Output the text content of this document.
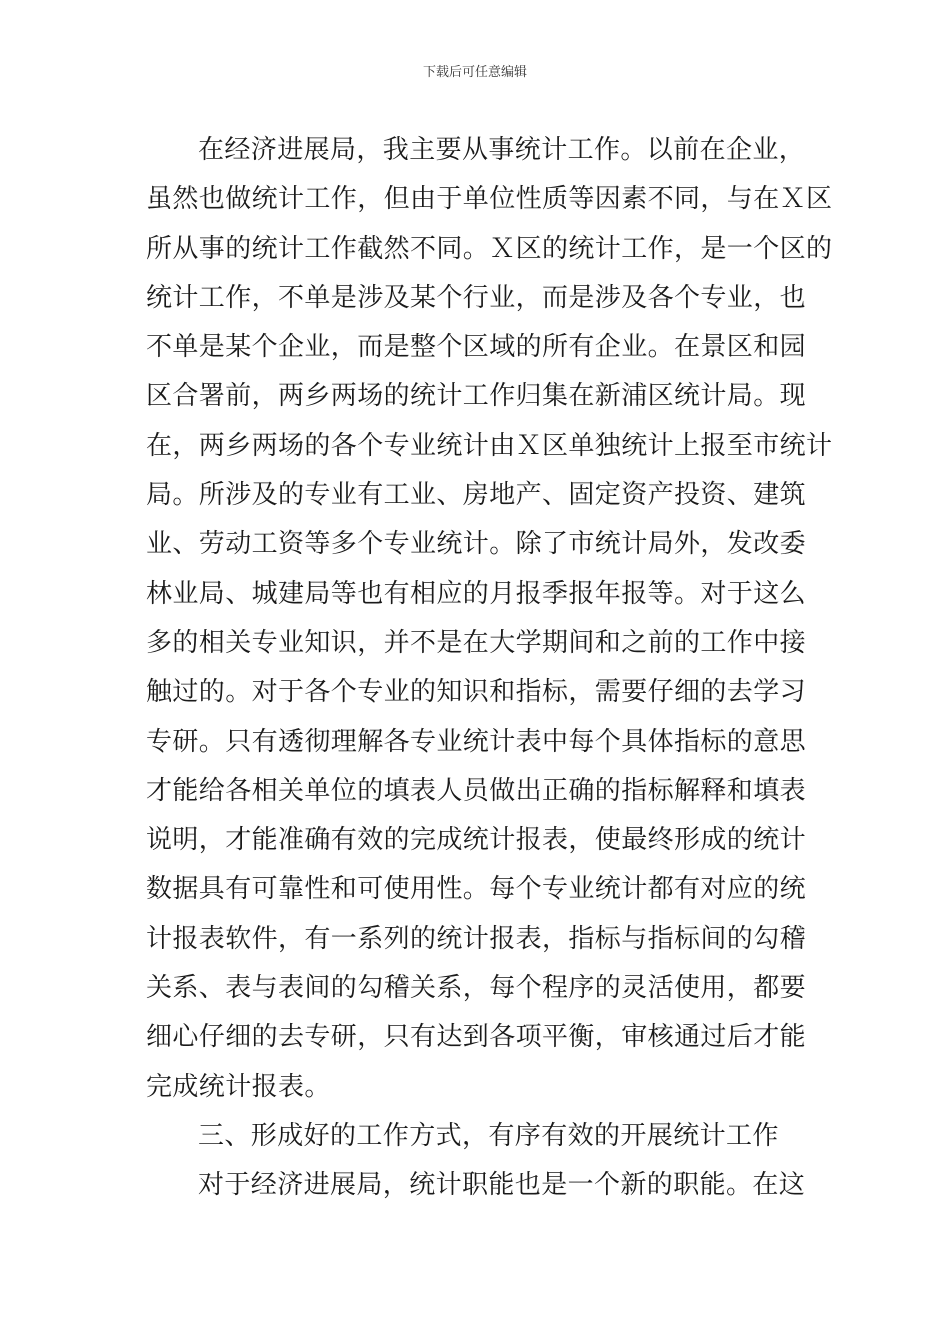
下载后可任意编辑
在经济进展局，我主要从事统计工作。以前在企业，
虽然也做统计工作，但由于单位性质等因素不同，与在Ｘ区
所从事的统计工作截然不同。Ｘ区的统计工作，是一个区的
统计工作，不单是涉及某个行业，而是涉及各个专业，也
不单是某个企业，而是整个区域的所有企业。在景区和园
区合署前，两乡两场的统计工作归集在新浦区统计局。现
在，两乡两场的各个专业统计由Ｘ区单独统计上报至市统计
局。所涉及的专业有工业、房地产、固定资产投资、建筑
业、劳动工资等多个专业统计。除了市统计局外，发改委
林业局、城建局等也有相应的月报季报年报等。对于这么
多的相关专业知识，并不是在大学期间和之前的工作中接
触过的。对于各个专业的知识和指标，需要仔细的去学习
专研。只有透彻理解各专业统计表中每个具体指标的意思
才能给各相关单位的填表人员做出正确的指标解释和填表
说明，才能准确有效的完成统计报表，使最终形成的统计
数据具有可靠性和可使用性。每个专业统计都有对应的统
计报表软件，有一系列的统计报表，指标与指标间的勾稽
关系、表与表间的勾稽关系，每个程序的灵活使用，都要
细心仔细的去专研，只有达到各项平衡，审核通过后才能
完成统计报表。
三、形成好的工作方式，有序有效的开展统计工作
对于经济进展局，统计职能也是一个新的职能。在这
